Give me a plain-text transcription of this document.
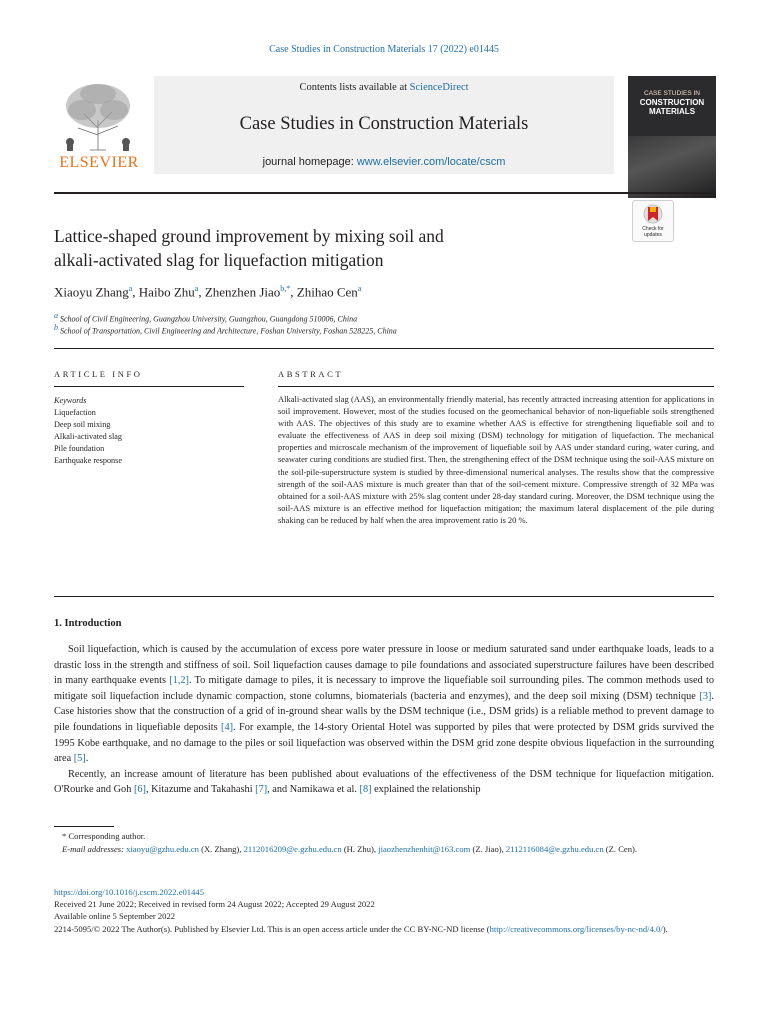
Case Studies in Construction Materials 17 (2022) e01445
ELSEVIER
Contents lists available at ScienceDirect
Case Studies in Construction Materials
journal homepage: www.elsevier.com/locate/cscm
CASE STUDIES IN
CONSTRUCTION MATERIALS
Check for updates
Lattice-shaped ground improvement by mixing soil and
alkali-activated slag for liquefaction mitigation
Xiaoyu Zhang$^a$, Haibo Zhu$^a$, Zhenzhen Jiao$^{b,*}$, Zhihao Cen$^a$
$^a$ School of Civil Engineering, Guangzhou University, Guangzhou, Guangdong 510006, China
$^b$ School of Transportation, Civil Engineering and Architecture, Foshan University, Foshan 528225, China
ARTICLE INFO
Keywords
Liquefaction
Deep soil mixing
Alkali-activated slag
Pile foundation
Earthquake response
ABSTRACT
Alkali-activated slag (AAS), an environmentally friendly material, has recently attracted increasing attention for applications in soil improvement. However, most of the studies focused on the geomechanical behavior of non-liquefiable soils strengthened with AAS. The objectives of this study are to examine whether AAS is effective for strengthening liquefiable soil and to evaluate the effectiveness of AAS in deep soil mixing (DSM) technology for mitigation of liquefaction. The mechanical properties and microscale mechanism of the improvement of liquefiable soil by AAS under standard curing, water curing, and seawater curing conditions are studied first. Then, the strengthening effect of the DSM technique using the soil-AAS mixture on the soil-pile-superstructure system is studied by three-dimensional numerical analyses. The results show that the compressive strength of the soil-AAS mixture is much greater than that of the soil-cement mixture. Compressive strength of 32 MPa was obtained for a soil-AAS mixture with 25% slag content under 28-day standard curing. Moreover, the DSM technique using the soil-AAS mixture is an effective method for liquefaction mitigation; the maximum lateral displacement of the pile during shaking can be reduced by half when the area improvement ratio is 20 %.
1. Introduction

Soil liquefaction, which is caused by the accumulation of excess pore water pressure in loose or medium saturated sand under earthquake loads, leads to a drastic loss in the strength and stiffness of soil. Soil liquefaction causes damage to pile foundations and associated superstructure failures have been described in many earthquake events [1,2]. To mitigate damage to piles, it is necessary to improve the liquefiable soil surrounding piles. The common methods used to mitigate soil liquefaction include dynamic compaction, stone columns, biomaterials (bacteria and enzymes), and the deep soil mixing (DSM) technique [3]. Case histories show that the construction of a grid of in-ground shear walls by the DSM technique (i.e., DSM grids) is a reliable method to prevent damage to pile foundations in liquefiable deposits [4]. For example, the 14-story Oriental Hotel was supported by piles that were protected by DSM grids survived the 1995 Kobe earthquake, and no damage to the piles or soil liquefaction was observed within the DSM grid zone despite obvious liquefaction in the surrounding area [5].

Recently, an increase amount of literature has been published about evaluations of the effectiveness of the DSM technique for liquefaction mitigation. O'Rourke and Goh [6], Kitazume and Takahashi [7], and Namikawa et al. [8] explained the relationship

* Corresponding author.
E-mail addresses: xiaoyu@gzhu.edu.cn (X. Zhang), 2112016209@e.gzhu.edu.cn (H. Zhu), jiaozhenzhenhit@163.com (Z. Jiao), 2112116084@e.gzhu.edu.cn (Z. Cen).
https://doi.org/10.1016/j.cscm.2022.e01445
Received 21 June 2022; Received in revised form 24 August 2022; Accepted 29 August 2022
Available online 5 September 2022
2214-5095/© 2022 The Author(s). Published by Elsevier Ltd. This is an open access article under the CC BY-NC-ND license (http://creativecommons.org/licenses/by-nc-nd/4.0/).
